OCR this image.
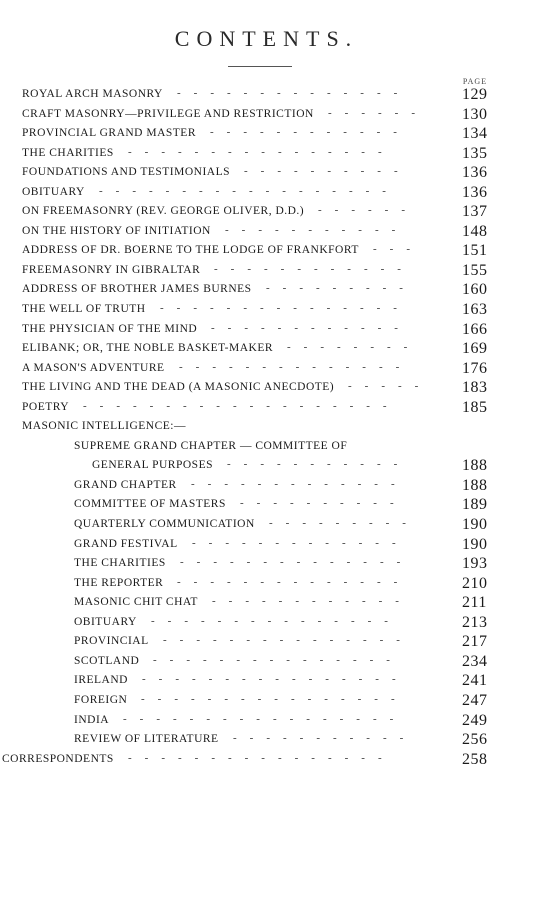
CONTENTS.
PAGE
ROYAL ARCH MASONRY --------------	129
CRAFT MASONRY—PRIVILEGE AND RESTRICTION ------	130
PROVINCIAL GRAND MASTER ------------	134
THE CHARITIES ----------------	135
FOUNDATIONS AND TESTIMONIALS ----------	136
OBITUARY ------------------	136
ON FREEMASONRY (REV. GEORGE OLIVER, D.D.) ------	137
ON THE HISTORY OF INITIATION -----------	148
ADDRESS OF DR. BOERNE TO THE LODGE OF FRANKFORT ---	151
FREEMASONRY IN GIBRALTAR ------------	155
ADDRESS OF BROTHER JAMES BURNES ---------	160
THE WELL OF TRUTH ---------------	163
THE PHYSICIAN OF THE MIND ------------	166
ELIBANK; OR, THE NOBLE BASKET-MAKER --------	169
A MASON'S ADVENTURE --------------	176
THE LIVING AND THE DEAD (A MASONIC ANECDOTE) -----	183
POETRY -------------------	185
MASONIC INTELLIGENCE:—
SUPREME GRAND CHAPTER — COMMITTEE OF
GENERAL PURPOSES -----------	188
GRAND CHAPTER -------------	188
COMMITTEE OF MASTERS ----------	189
QUARTERLY COMMUNICATION ---------	190
GRAND FESTIVAL -------------	190
THE CHARITIES --------------	193
THE REPORTER --------------	210
MASONIC CHIT CHAT ------------	211
OBITUARY ---------------	213
PROVINCIAL ---------------	217
SCOTLAND ---------------	234
IRELAND ----------------	241
FOREIGN ----------------	247
INDIA -----------------	249
REVIEW OF LITERATURE -----------	256
CORRESPONDENTS ----------------	258
